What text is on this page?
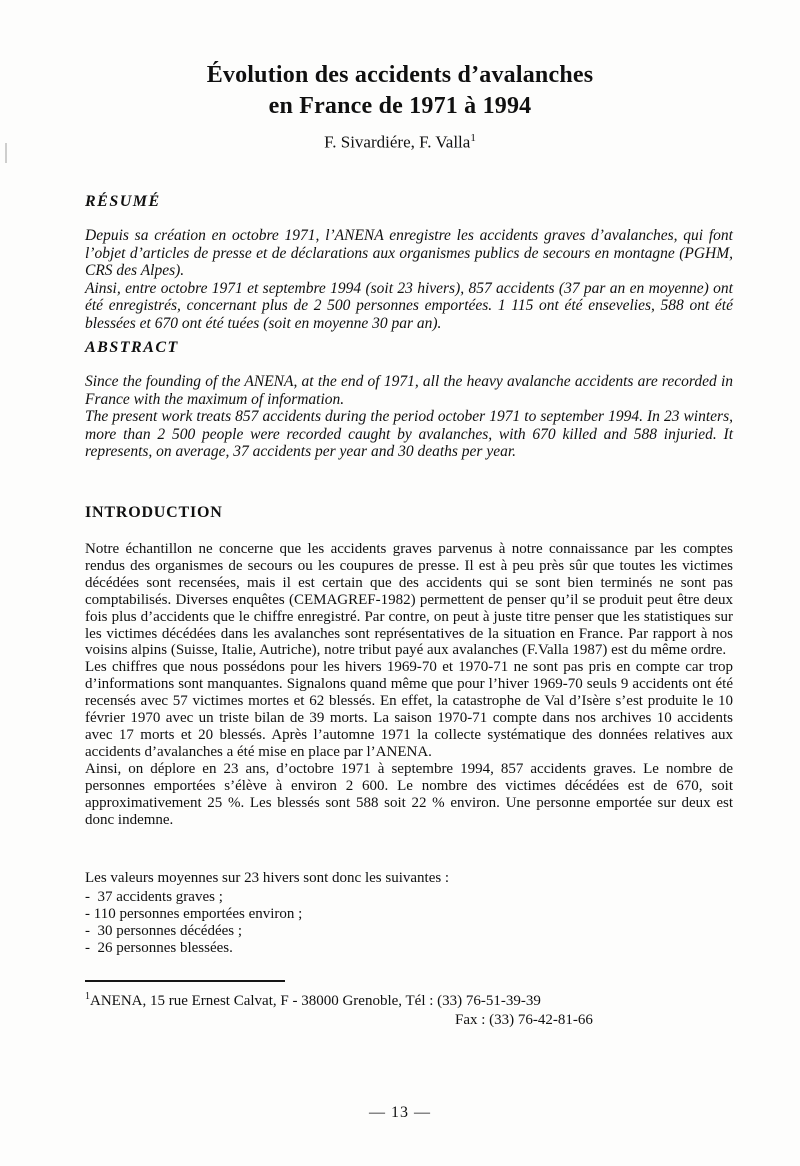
Évolution des accidents d’avalanches
en France de 1971 à 1994
F. Sivardiére, F. Valla$^1$
RÉSUMÉ

Depuis sa création en octobre 1971, l’ANENA enregistre les accidents graves d’avalanches, qui font l’objet d’articles de presse et de déclarations aux organismes publics de secours en montagne (PGHM, CRS des Alpes).

Ainsi, entre octobre 1971 et septembre 1994 (soit 23 hivers), 857 accidents (37 par an en moyenne) ont été enregistrés, concernant plus de 2 500 personnes emportées. 1 115 ont été ensevelies, 588 ont été blessées et 670 ont été tuées (soit en moyenne 30 par an).

ABSTRACT

Since the founding of the ANENA, at the end of 1971, all the heavy avalanche accidents are recorded in France with the maximum of information.

The present work treats 857 accidents during the period october 1971 to september 1994. In 23 winters, more than 2 500 people were recorded caught by avalanches, with 670 killed and 588 injuried. It represents, on average, 37 accidents per year and 30 deaths per year.

INTRODUCTION

Notre échantillon ne concerne que les accidents graves parvenus à notre connaissance par les comptes rendus des organismes de secours ou les coupures de presse. Il est à peu près sûr que toutes les victimes décédées sont recensées, mais il est certain que des accidents qui se sont bien terminés ne sont pas comptabilisés. Diverses enquêtes (CEMAGREF-1982) permettent de penser qu’il se produit peut être deux fois plus d’accidents que le chiffre enregistré. Par contre, on peut à juste titre penser que les statistiques sur les victimes décédées dans les avalanches sont représentatives de la situation en France. Par rapport à nos voisins alpins (Suisse, Italie, Autriche), notre tribut payé aux avalanches (F.Valla 1987) est du même ordre.

Les chiffres que nous possédons pour les hivers 1969-70 et 1970-71 ne sont pas pris en compte car trop d’informations sont manquantes. Signalons quand même que pour l’hiver 1969-70 seuls 9 accidents ont été recensés avec 57 victimes mortes et 62 blessés. En effet, la catastrophe de Val d’Isère s’est produite le 10 février 1970 avec un triste bilan de 39 morts. La saison 1970-71 compte dans nos archives 10 accidents avec 17 morts et 20 blessés. Après l’automne 1971 la collecte systématique des données relatives aux accidents d’avalanches a été mise en place par l’ANENA.

Ainsi, on déplore en 23 ans, d’octobre 1971 à septembre 1994, 857 accidents graves. Le nombre de personnes emportées s’élève à environ 2 600. Le nombre des victimes décédées est de 670, soit approximativement 25 %. Les blessés sont 588 soit 22 % environ. Une personne emportée sur deux est donc indemne.

Les valeurs moyennes sur 23 hivers sont donc les suivantes :
-  37 accidents graves ;
- 110 personnes emportées environ ;
-  30 personnes décédées ;
-  26 personnes blessées.
$^1$ANENA, 15 rue Ernest Calvat, F - 38000 Grenoble, Tél : (33) 76-51-39-39
Fax : (33) 76-42-81-66
— 13 —
